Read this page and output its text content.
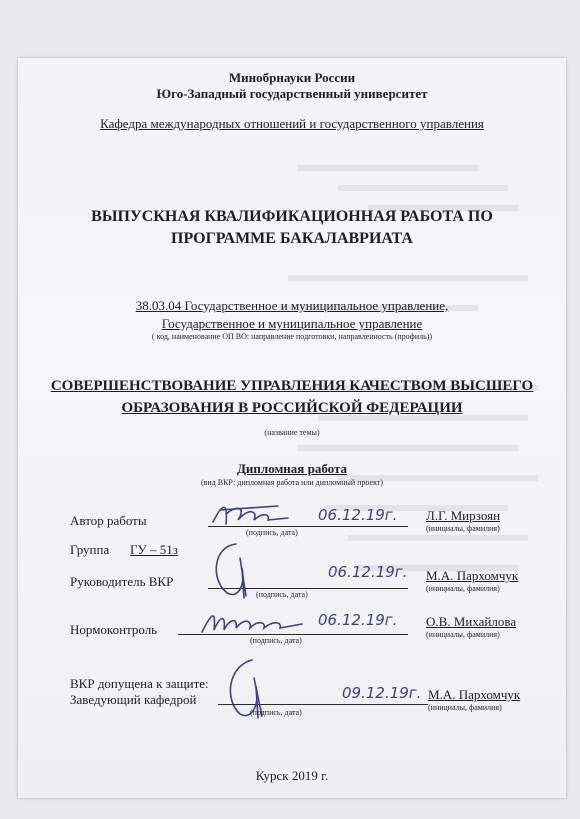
Минобрнауки России
Юго-Западный государственный университет
Кафедра международных отношений и государственного управления
ВЫПУСКНАЯ КВАЛИФИКАЦИОННАЯ РАБОТА ПО
ПРОГРАММЕ БАКАЛАВРИАТА
38.03.04 Государственное и муниципальное управление,
Государственное и муниципальное управление
( код, наименование ОП ВО: направление подготовки, направленность (профиль))
СОВЕРШЕНСТВОВАНИЕ УПРАВЛЕНИЯ КАЧЕСТВОМ ВЫСШЕГО
ОБРАЗОВАНИЯ В РОССИЙСКОЙ ФЕДЕРАЦИИ
(название темы)
Дипломная работа
(вид ВКР: дипломная работа или дипломный проект)
Автор работы	06.12.19г.
(подпись, дата)
Л.Г. Мирзоян
(инициалы, фамилия)
Группа ГУ – 51з
Руководитель ВКР
06.12.19г.
(подпись, дата)
М.А. Пархомчук
(инициалы, фамилия)
Нормоконтроль
06.12.19г.
(подпись, дата)
О.В. Михайлова
(инициалы, фамилия)
ВКР допущена к защите:
Заведующий кафедрой	09.12.19г.
(подпись, дата)
М.А. Пархомчук
(инициалы, фамилия)
Курск 2019 г.
